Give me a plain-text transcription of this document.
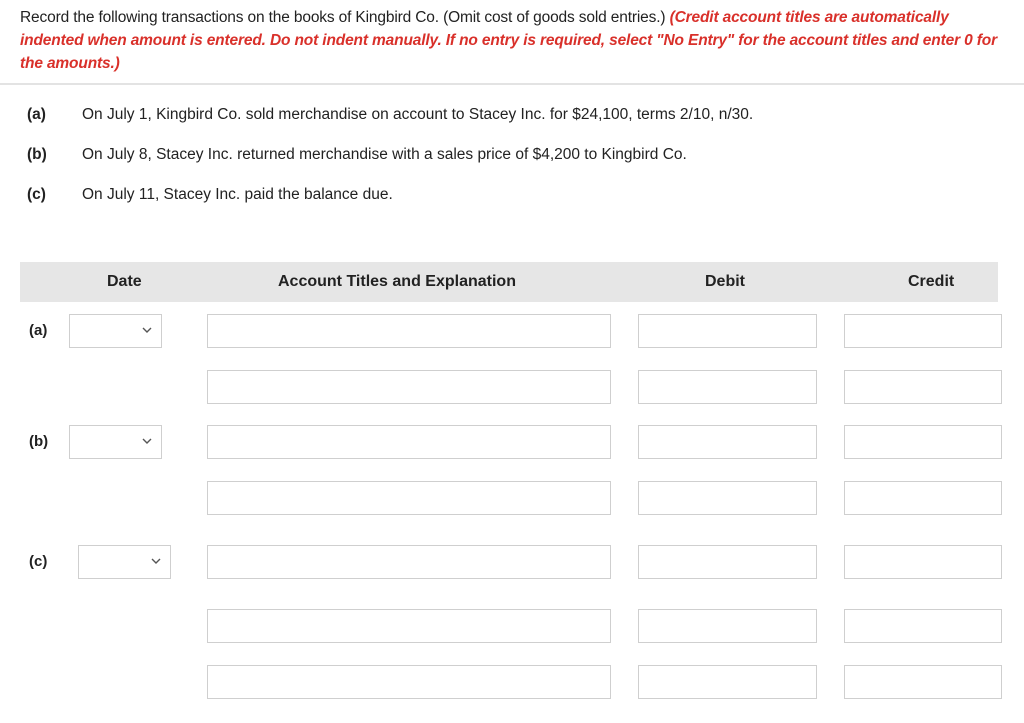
Record the following transactions on the books of Kingbird Co. (Omit cost of goods sold entries.) (Credit account titles are automatically indented when amount is entered. Do not indent manually. If no entry is required, select "No Entry" for the account titles and enter 0 for the amounts.)
(a) On July 1, Kingbird Co. sold merchandise on account to Stacey Inc. for $24,100, terms 2/10, n/30.
(b) On July 8, Stacey Inc. returned merchandise with a sales price of $4,200 to Kingbird Co.
(c) On July 11, Stacey Inc. paid the balance due.
Date	Account Titles and Explanation	Debit	Credit
(a)
(b)
(c)
